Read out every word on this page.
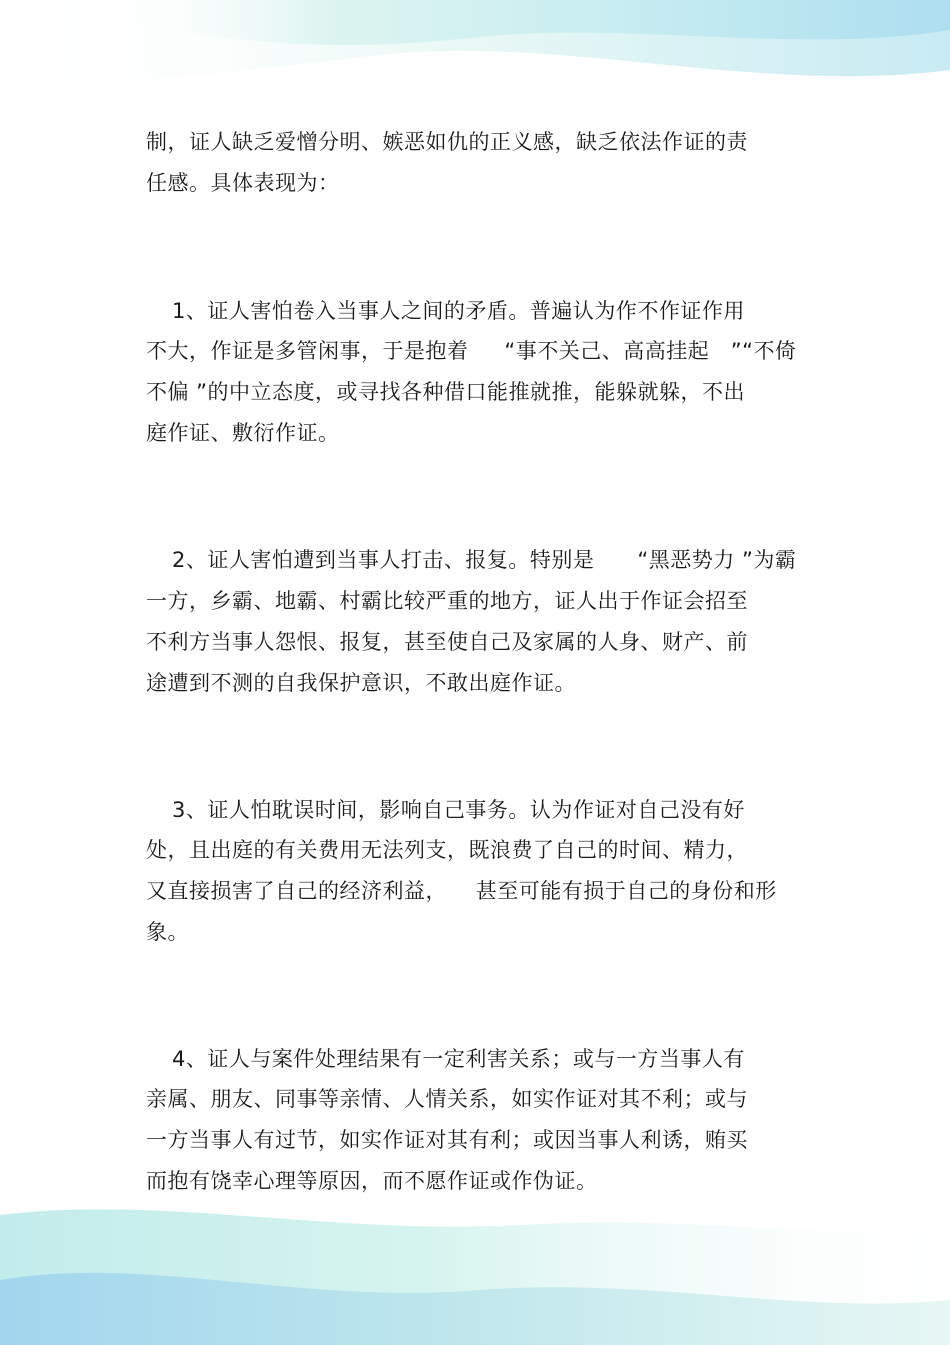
制，证人缺乏爱憎分明、嫉恶如仇的正义感，缺乏依法作证的责
任感。具体表现为：
1、证人害怕卷入当事人之间的矛盾。普遍认为作不作证作用
不大，作证是多管闲事，于是抱着     “事不关己、高高挂起   ”“不倚
不偏 ”的中立态度，或寻找各种借口能推就推，能躲就躲，不出
庭作证、敷衍作证。
2、证人害怕遭到当事人打击、报复。特别是      “黑恶势力 ”为霸
一方，乡霸、地霸、村霸比较严重的地方，证人出于作证会招至
不利方当事人怨恨、报复，甚至使自己及家属的人身、财产、前
途遭到不测的自我保护意识，不敢出庭作证。
3、证人怕耽误时间，影响自己事务。认为作证对自己没有好
处，且出庭的有关费用无法列支，既浪费了自己的时间、精力，
又直接损害了自己的经济利益，    甚至可能有损于自己的身份和形
象。
4、证人与案件处理结果有一定利害关系；或与一方当事人有
亲属、朋友、同事等亲情、人情关系，如实作证对其不利；或与
一方当事人有过节，如实作证对其有利；或因当事人利诱，贿买
而抱有饶幸心理等原因，而不愿作证或作伪证。
